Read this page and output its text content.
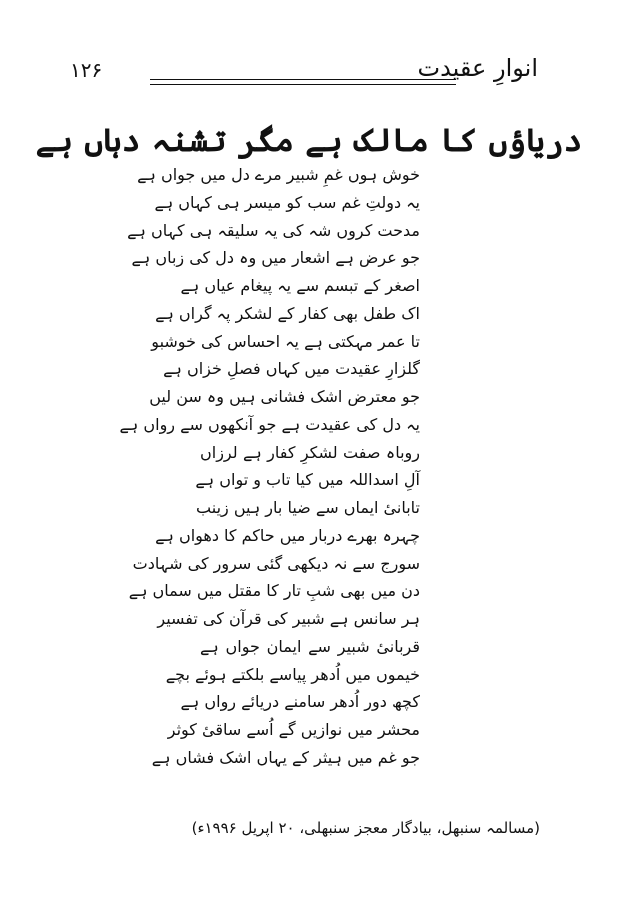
۱۲۶	انوارِ عقیدت
دریاؤں کا مالک ہے مگر تشنہ دہاں ہے
خوش ہوں غمِ شبیر مرے دل میں جواں ہے
یہ دولتِ غم سب کو میسر ہی کہاں ہے
مدحت کروں شہ کی یہ سلیقہ ہی کہاں ہے
جو عرض ہے اشعار میں وہ دل کی زباں ہے
اصغر کے تبسم سے یہ پیغام عیاں ہے
اک طفل بھی کفار کے لشکر پہ گراں ہے
تا عمر مہکتی ہے یہ احساس کی خوشبو
گلزارِ عقیدت میں کہاں فصلِ خزاں ہے
جو معترض اشک فشانی ہیں وہ سن لیں
یہ دل کی عقیدت ہے جو آنکھوں سے رواں ہے
روباہ صفت لشکرِ کفار ہے لرزاں
آلِ اسداللہ میں کیا تاب و تواں ہے
تابانیٔ ایماں سے ضیا بار ہیں زینب
چہرہ بھرے دربار میں حاکم کا دھواں ہے
سورج سے نہ دیکھی گئی سرور کی شہادت
دن میں بھی شبِ تار کا مقتل میں سماں ہے
ہر سانس ہے شبیر کی قرآن کی تفسیر
قربانیٔ شبیر سے ایمان جواں ہے
خیموں میں اُدھر پیاسے بلکتے ہوئے بچے
کچھ دور اُدھر سامنے دریائے رواں ہے
محشر میں نوازیں گے اُسے ساقیٔ کوثر
جو غم میں ہیثر کے یہاں اشک فشاں ہے
(مسالمہ سنبھل، بیادگار معجز سنبھلی، ۲۰ اپریل ۱۹۹۶ء)
